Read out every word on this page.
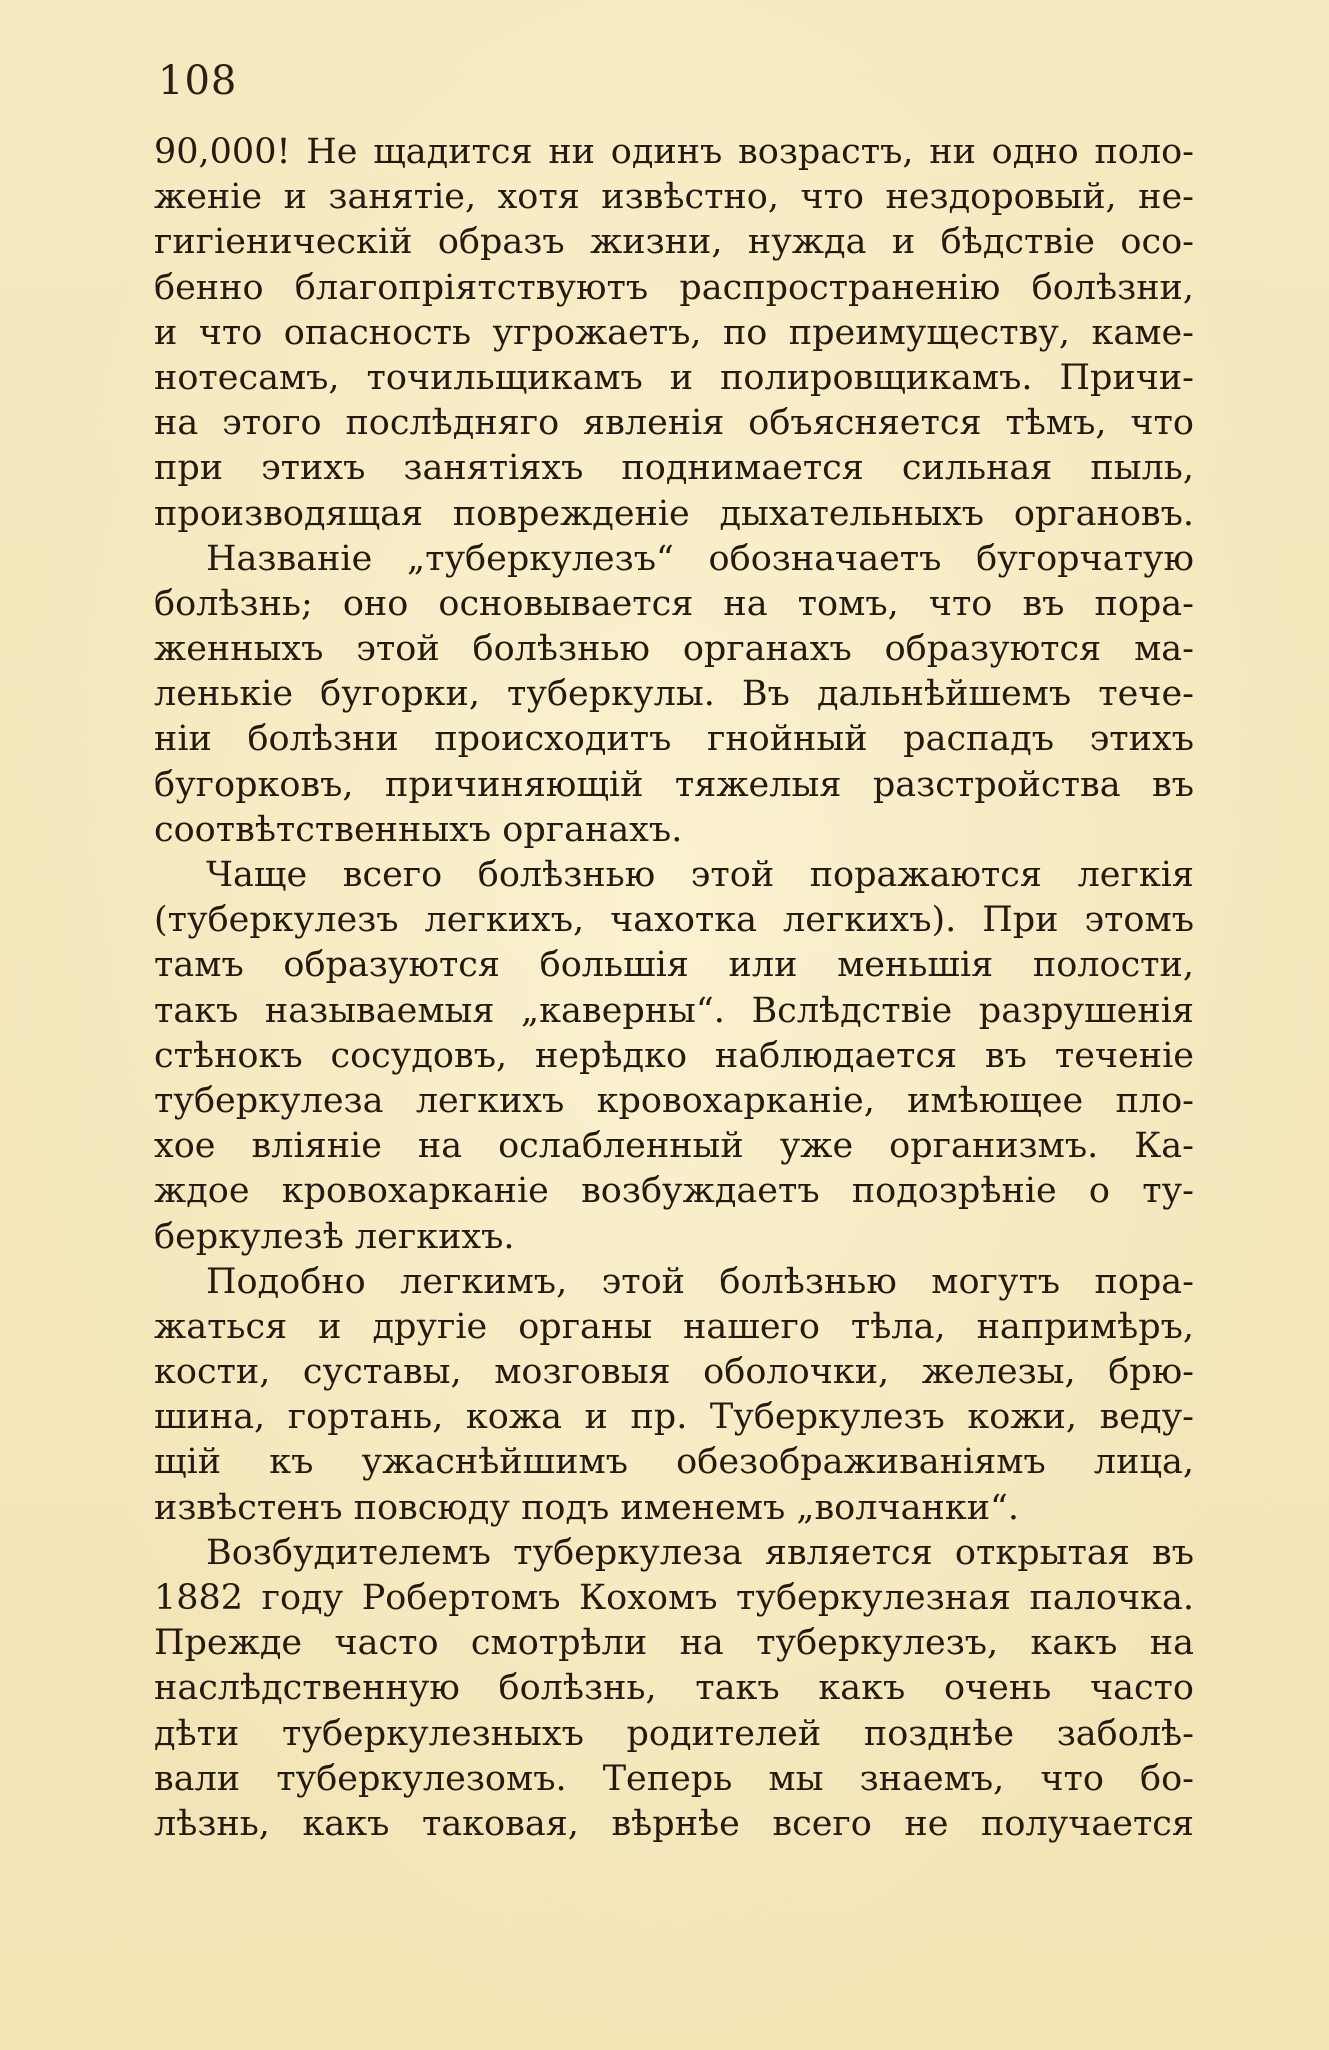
108
90,000! Не щадится ни одинъ возрастъ, ни одно поло-
женіе и занятіе, хотя извѣстно, что нездоровый, не-
гигіеническій образъ жизни, нужда и бѣдствіе осо-
бенно благопріятствуютъ распространенію болѣзни,
и что опасность угрожаетъ, по преимуществу, каме-
нотесамъ, точильщикамъ и полировщикамъ. Причи-
на этого послѣдняго явленія объясняется тѣмъ, что
при этихъ занятіяхъ поднимается сильная пыль,
производящая поврежденіе дыхательныхъ органовъ.
Названіе „туберкулезъ“ обозначаетъ бугорчатую
болѣзнь; оно основывается на томъ, что въ пора-
женныхъ этой болѣзнью органахъ образуются ма-
ленькіе бугорки, туберкулы. Въ дальнѣйшемъ тече-
ніи болѣзни происходитъ гнойный распадъ этихъ
бугорковъ, причиняющій тяжелыя разстройства въ
соотвѣтственныхъ органахъ.
Чаще всего болѣзнью этой поражаются легкія
(туберкулезъ легкихъ, чахотка легкихъ). При этомъ
тамъ образуются большія или меньшія полости,
такъ называемыя „каверны“. Вслѣдствіе разрушенія
стѣнокъ сосудовъ, нерѣдко наблюдается въ теченіе
туберкулеза легкихъ кровохарканіе, имѣющее пло-
хое вліяніе на ослабленный уже организмъ. Ка-
ждое кровохарканіе возбуждаетъ подозрѣніе о ту-
беркулезѣ легкихъ.
Подобно легкимъ, этой болѣзнью могутъ пора-
жаться и другіе органы нашего тѣла, напримѣръ,
кости, суставы, мозговыя оболочки, железы, брю-
шина, гортань, кожа и пр. Туберкулезъ кожи, веду-
щій къ ужаснѣйшимъ обезображиваніямъ лица,
извѣстенъ повсюду подъ именемъ „волчанки“.
Возбудителемъ туберкулеза является открытая въ
1882 году Робертомъ Кохомъ туберкулезная палочка.
Прежде часто смотрѣли на туберкулезъ, какъ на
наслѣдственную болѣзнь, такъ какъ очень часто
дѣти туберкулезныхъ родителей позднѣе заболѣ-
вали туберкулезомъ. Теперь мы знаемъ, что бо-
лѣзнь, какъ таковая, вѣрнѣе всего не получается
